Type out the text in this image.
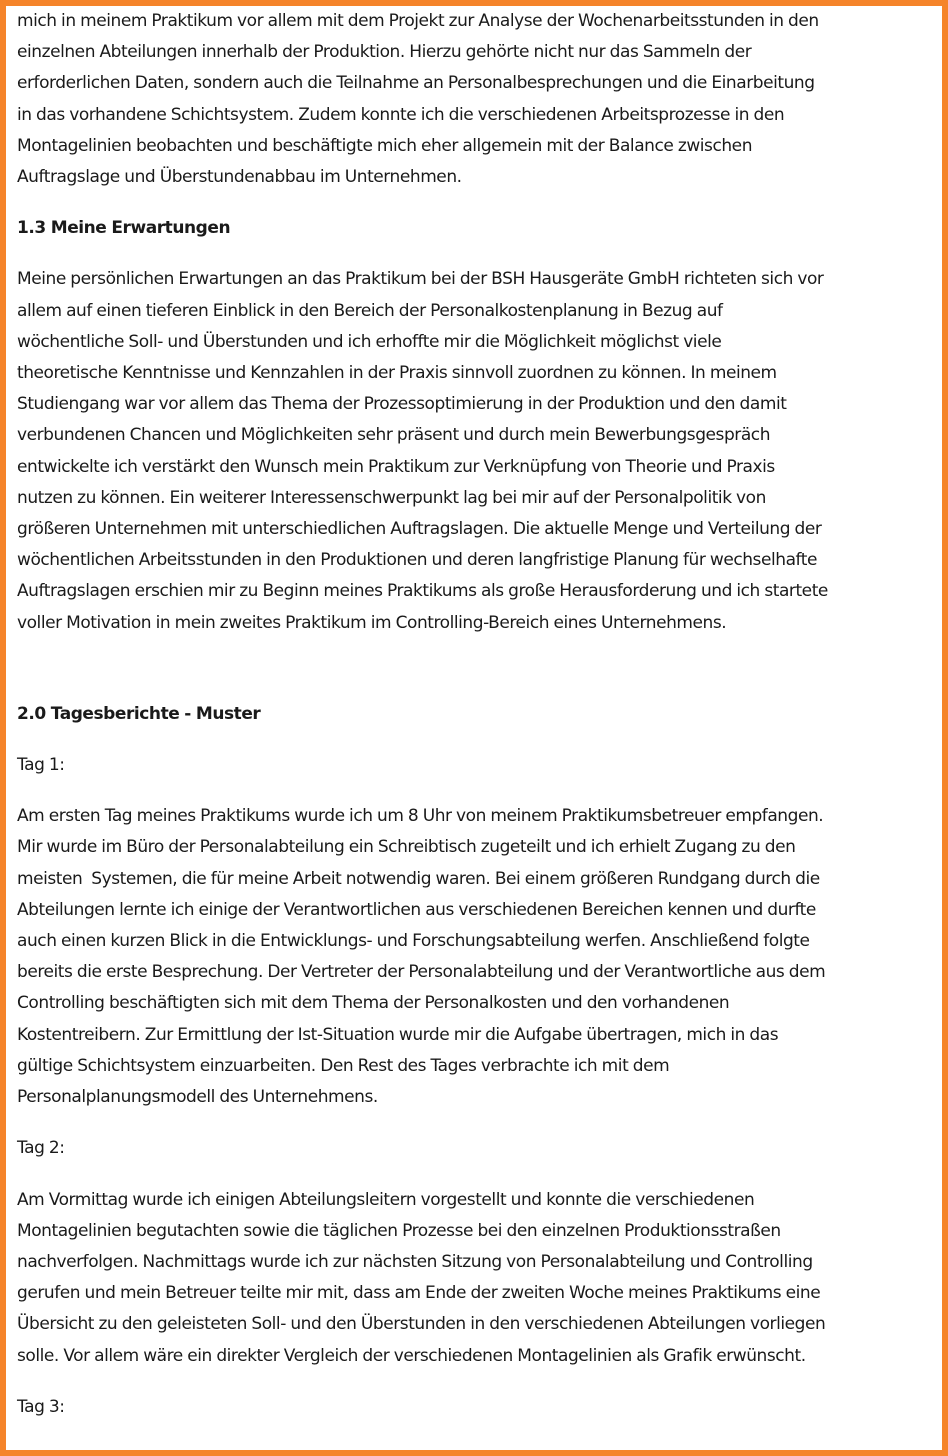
mich in meinem Praktikum vor allem mit dem Projekt zur Analyse der Wochenarbeitsstunden in den
einzelnen Abteilungen innerhalb der Produktion. Hierzu gehörte nicht nur das Sammeln der
erforderlichen Daten, sondern auch die Teilnahme an Personalbesprechungen und die Einarbeitung
in das vorhandene Schichtsystem. Zudem konnte ich die verschiedenen Arbeitsprozesse in den
Montagelinien beobachten und beschäftigte mich eher allgemein mit der Balance zwischen
Auftragslage und Überstundenabbau im Unternehmen.

1.3 Meine Erwartungen

Meine persönlichen Erwartungen an das Praktikum bei der BSH Hausgeräte GmbH richteten sich vor
allem auf einen tieferen Einblick in den Bereich der Personalkostenplanung in Bezug auf
wöchentliche Soll- und Überstunden und ich erhoffte mir die Möglichkeit möglichst viele
theoretische Kenntnisse und Kennzahlen in der Praxis sinnvoll zuordnen zu können. In meinem
Studiengang war vor allem das Thema der Prozessoptimierung in der Produktion und den damit
verbundenen Chancen und Möglichkeiten sehr präsent und durch mein Bewerbungsgespräch
entwickelte ich verstärkt den Wunsch mein Praktikum zur Verknüpfung von Theorie und Praxis
nutzen zu können. Ein weiterer Interessenschwerpunkt lag bei mir auf der Personalpolitik von
größeren Unternehmen mit unterschiedlichen Auftragslagen. Die aktuelle Menge und Verteilung der
wöchentlichen Arbeitsstunden in den Produktionen und deren langfristige Planung für wechselhafte
Auftragslagen erschien mir zu Beginn meines Praktikums als große Herausforderung und ich startete
voller Motivation in mein zweites Praktikum im Controlling-Bereich eines Unternehmens.

2.0 Tagesberichte - Muster

Tag 1:

Am ersten Tag meines Praktikums wurde ich um 8 Uhr von meinem Praktikumsbetreuer empfangen.
Mir wurde im Büro der Personalabteilung ein Schreibtisch zugeteilt und ich erhielt Zugang zu den
meisten  Systemen, die für meine Arbeit notwendig waren. Bei einem größeren Rundgang durch die
Abteilungen lernte ich einige der Verantwortlichen aus verschiedenen Bereichen kennen und durfte
auch einen kurzen Blick in die Entwicklungs- und Forschungsabteilung werfen. Anschließend folgte
bereits die erste Besprechung. Der Vertreter der Personalabteilung und der Verantwortliche aus dem
Controlling beschäftigten sich mit dem Thema der Personalkosten und den vorhandenen
Kostentreibern. Zur Ermittlung der Ist-Situation wurde mir die Aufgabe übertragen, mich in das
gültige Schichtsystem einzuarbeiten. Den Rest des Tages verbrachte ich mit dem
Personalplanungsmodell des Unternehmens.

Tag 2:

Am Vormittag wurde ich einigen Abteilungsleitern vorgestellt und konnte die verschiedenen
Montagelinien begutachten sowie die täglichen Prozesse bei den einzelnen Produktionsstraßen
nachverfolgen. Nachmittags wurde ich zur nächsten Sitzung von Personalabteilung und Controlling
gerufen und mein Betreuer teilte mir mit, dass am Ende der zweiten Woche meines Praktikums eine
Übersicht zu den geleisteten Soll- und den Überstunden in den verschiedenen Abteilungen vorliegen
solle. Vor allem wäre ein direkter Vergleich der verschiedenen Montagelinien als Grafik erwünscht.

Tag 3:
